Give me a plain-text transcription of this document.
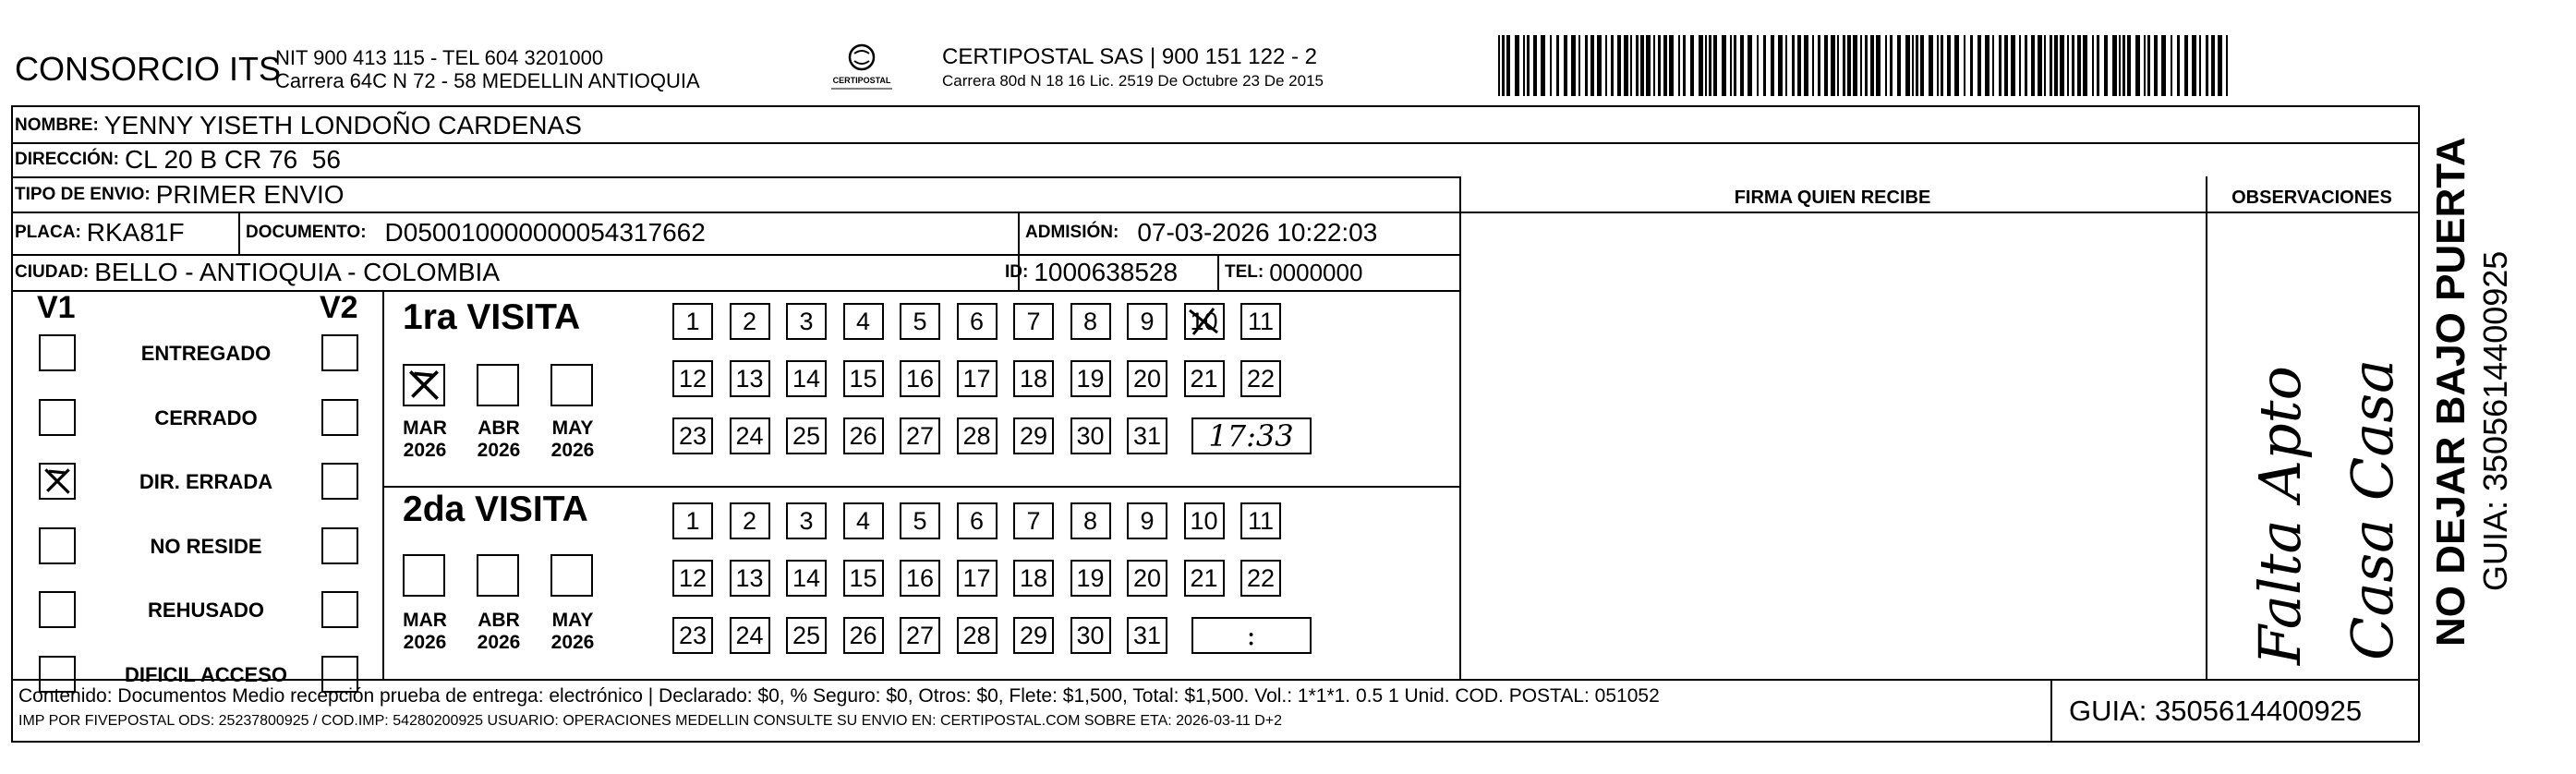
CONSORCIO ITS
NIT 900 413 115 - TEL 604 3201000
Carrera 64C N 72 - 58 MEDELLIN ANTIOQUIA	CERTIPOSTAL
CERTIPOSTAL SAS | 900 151 122 - 2
Carrera 80d N 18 16 Lic. 2519 De Octubre 23 De 2015
NOMBRE: YENNY YISETH LONDOÑO CARDENAS
DIRECCIÓN: CL 20 B CR 76  56
TIPO DE ENVIO: PRIMER ENVIO	FIRMA QUIEN RECIBE	OBSERVACIONES
PLACA: RKA81F	DOCUMENTO: D050010000000054317662	ADMISIÓN: 07-03-2026 10:22:03
CIUDAD: BELLO - ANTIOQUIA - COLOMBIA	ID: 1000638528	TEL: 0000000
V1	V2
ENTREGADO
CERRADO
DIR. ERRADA
NO RESIDE
REHUSADO
DIFICIL ACCESO
1ra VISITA
2da VISITA
MAR
2026
ABR
2026
MAY
2026
MAR
2026
ABR
2026
MAY
2026
1 2 3 4 5 6 7 8 9 10 11
12 13 14 15 16 17 18 19 20 21 22
23 24 25 26 27 28 29 30 31	17:33
1 2 3 4 5 6 7 8 9 10 11
12 13 14 15 16 17 18 19 20 21 22
23 24 25 26 27 28 29 30 31	:	Falta Apto Casa Casa
Contenido: Documentos Medio recepción prueba de entrega: electrónico | Declarado: $0, % Seguro: $0, Otros: $0, Flete: $1,500, Total: $1,500. Vol.: 1*1*1. 0.5 1 Unid. COD. POSTAL: 051052
IMP POR FIVEPOSTAL ODS: 25237800925 / COD.IMP: 54280200925 USUARIO: OPERACIONES MEDELLIN CONSULTE SU ENVIO EN: CERTIPOSTAL.COM SOBRE ETA: 2026-03-11 D+2	GUIA: 3505614400925
NO DEJAR BAJO PUERTA GUIA: 3505614400925
